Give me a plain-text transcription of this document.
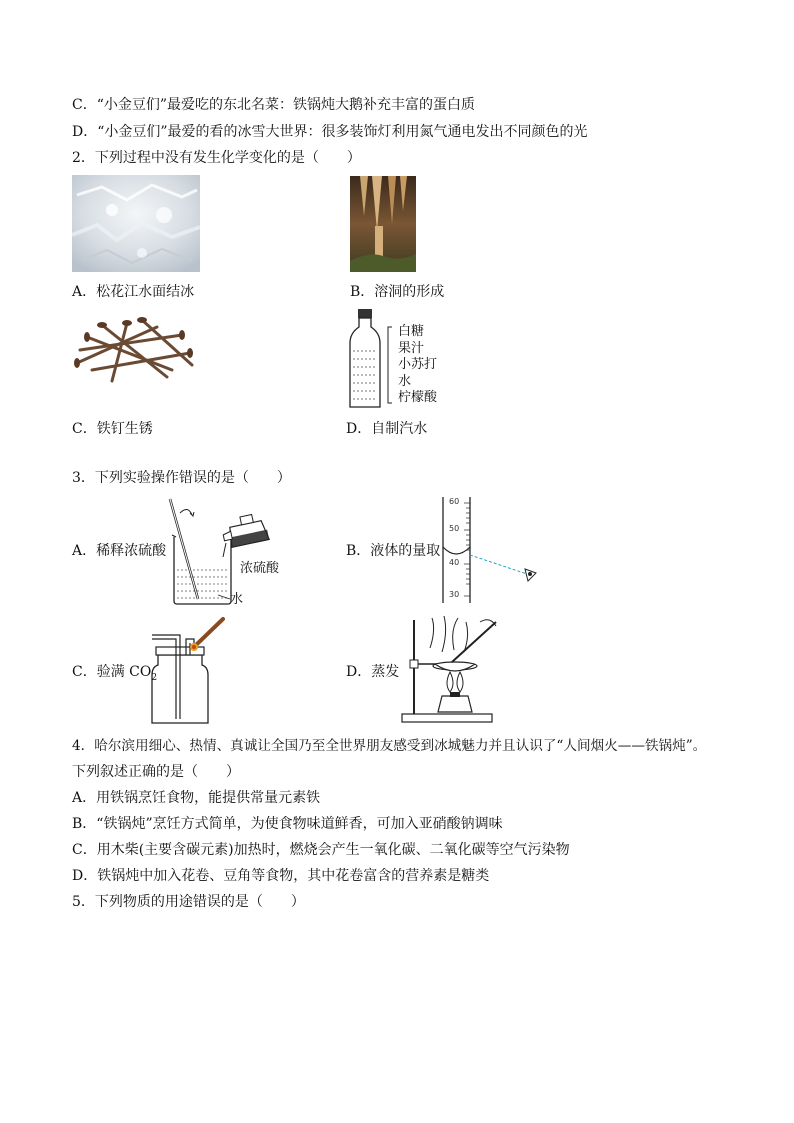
C．“小金豆们”最爱吃的东北名菜：铁锅炖大鹅补充丰富的蛋白质
D．“小金豆们”最爱的看的冰雪大世界：很多装饰灯利用氮气通电发出不同颜色的光
2．下列过程中没有发生化学变化的是（　　）
A．松花江水面结冰	B．溶洞的形成
白糖
果汁
小苏打
水
柠檬酸
C．铁钉生锈	D．自制汽水
3．下列实验操作错误的是（　　）
A．稀释浓硫酸
浓硫酸
水
60
50
40
30
B．液体的量取
C．验满 $CO_2$	D．蒸发
4．哈尔滨用细心、热情、真诚让全国乃至全世界朋友感受到冰城魅力并且认识了“人间烟火——铁锅炖”。
下列叙述正确的是（　　）
A．用铁锅烹饪食物，能提供常量元素铁
B．“铁锅炖”烹饪方式简单，为使食物味道鲜香，可加入亚硝酸钠调味
C．用木柴(主要含碳元素)加热时，燃烧会产生一氧化碳、二氧化碳等空气污染物
D．铁锅炖中加入花卷、豆角等食物，其中花卷富含的营养素是糖类
5．下列物质的用途错误的是（　　）
